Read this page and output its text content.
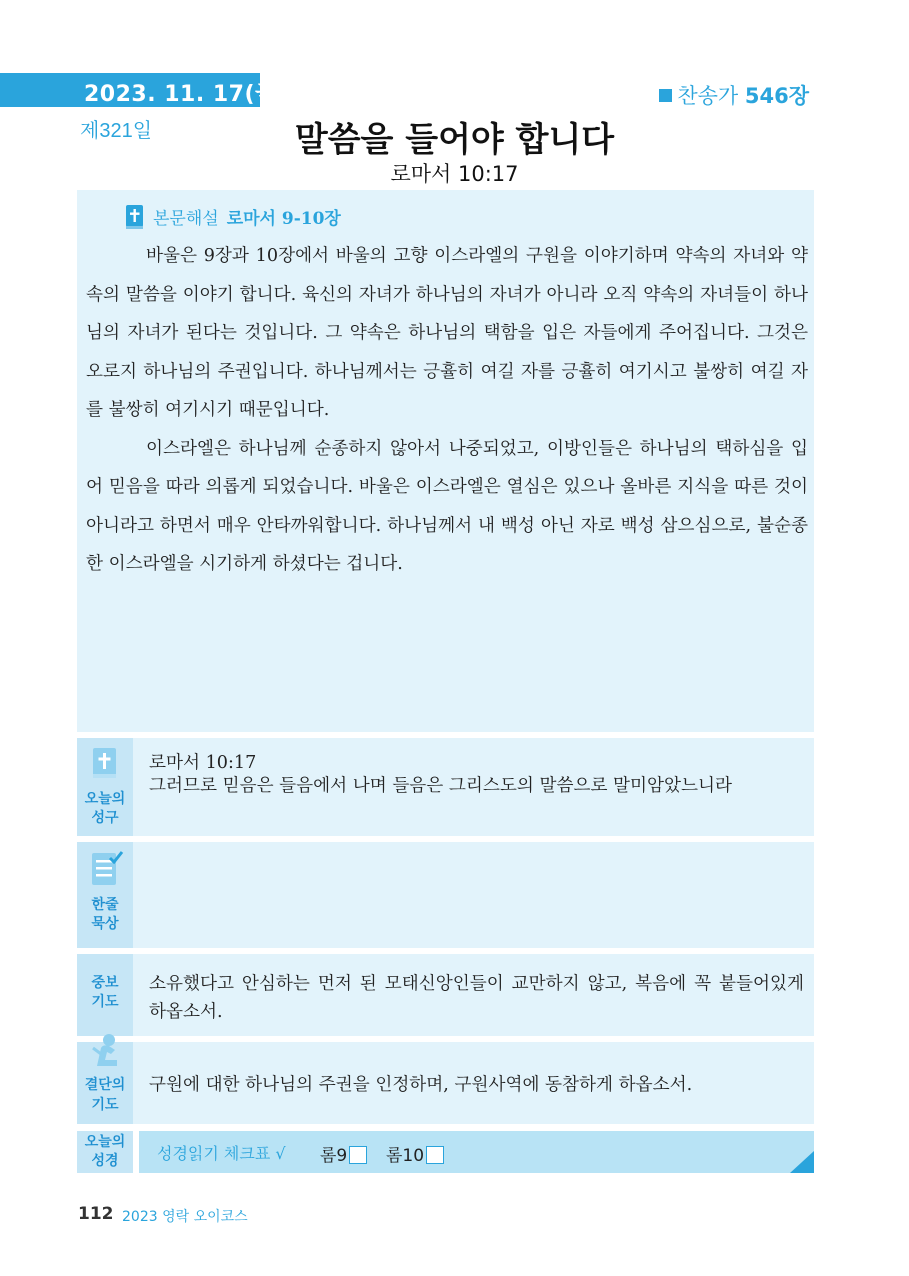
2023. 11. 17(금)
제321일
찬송가 546장
말씀을 들어야 합니다
로마서 10:17
본문해설 로마서 9-10장

바울은 9장과 10장에서 바울의 고향 이스라엘의 구원을 이야기하며 약속의 자녀와 약속의 말씀을 이야기 합니다. 육신의 자녀가 하나님의 자녀가 아니라 오직 약속의 자녀들이 하나님의 자녀가 된다는 것입니다. 그 약속은 하나님의 택함을 입은 자들에게 주어집니다. 그것은 오로지 하나님의 주권입니다. 하나님께서는 긍휼히 여길 자를 긍휼히 여기시고 불쌍히 여길 자를 불쌍히 여기시기 때문입니다.

이스라엘은 하나님께 순종하지 않아서 나중되었고, 이방인들은 하나님의 택하심을 입어 믿음을 따라 의롭게 되었습니다. 바울은 이스라엘은 열심은 있으나 올바른 지식을 따른 것이 아니라고 하면서 매우 안타까워합니다. 하나님께서 내 백성 아닌 자로 백성 삼으심으로, 불순종한 이스라엘을 시기하게 하셨다는 겁니다.

오늘의
성구
로마서 10:17
그러므로 믿음은 들음에서 나며 들음은 그리스도의 말씀으로 말미암았느니라
한줄
묵상
중보
기도
소유했다고 안심하는 먼저 된 모태신앙인들이 교만하지 않고, 복음에 꼭 붙들어있게 하옵소서.
결단의
기도
구원에 대한 하나님의 주권을 인정하며, 구원사역에 동참하게 하옵소서.
오늘의
성경	성경읽기 체크표 √ 롬9	롬10
112 2023 영락 오이코스
